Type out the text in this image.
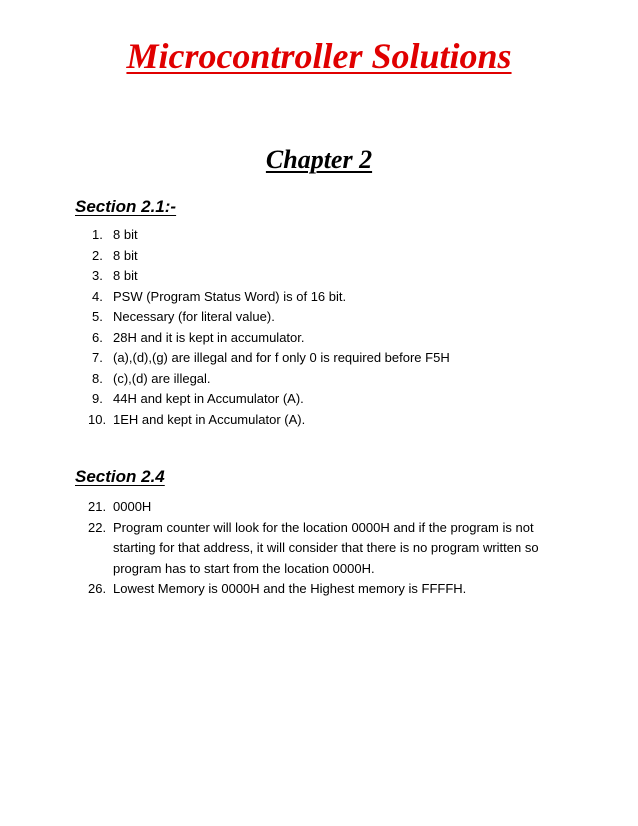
Microcontroller Solutions
Chapter 2
Section 2.1:-
1. 8 bit
2. 8 bit
3. 8 bit
4. PSW (Program Status Word) is of 16 bit.
5. Necessary (for literal value).
6. 28H and it is kept in accumulator.
7. (a),(d),(g) are illegal and for f only 0 is required before F5H
8. (c),(d) are illegal.
9. 44H and kept in Accumulator (A).
10. 1EH and kept in Accumulator (A).
Section 2.4
21. 0000H
22. Program counter will look for the location 0000H and if the program is not starting for that address, it will consider that there is no program written so program has to start from the location 0000H.
26. Lowest Memory is 0000H and the Highest memory is FFFFH.
